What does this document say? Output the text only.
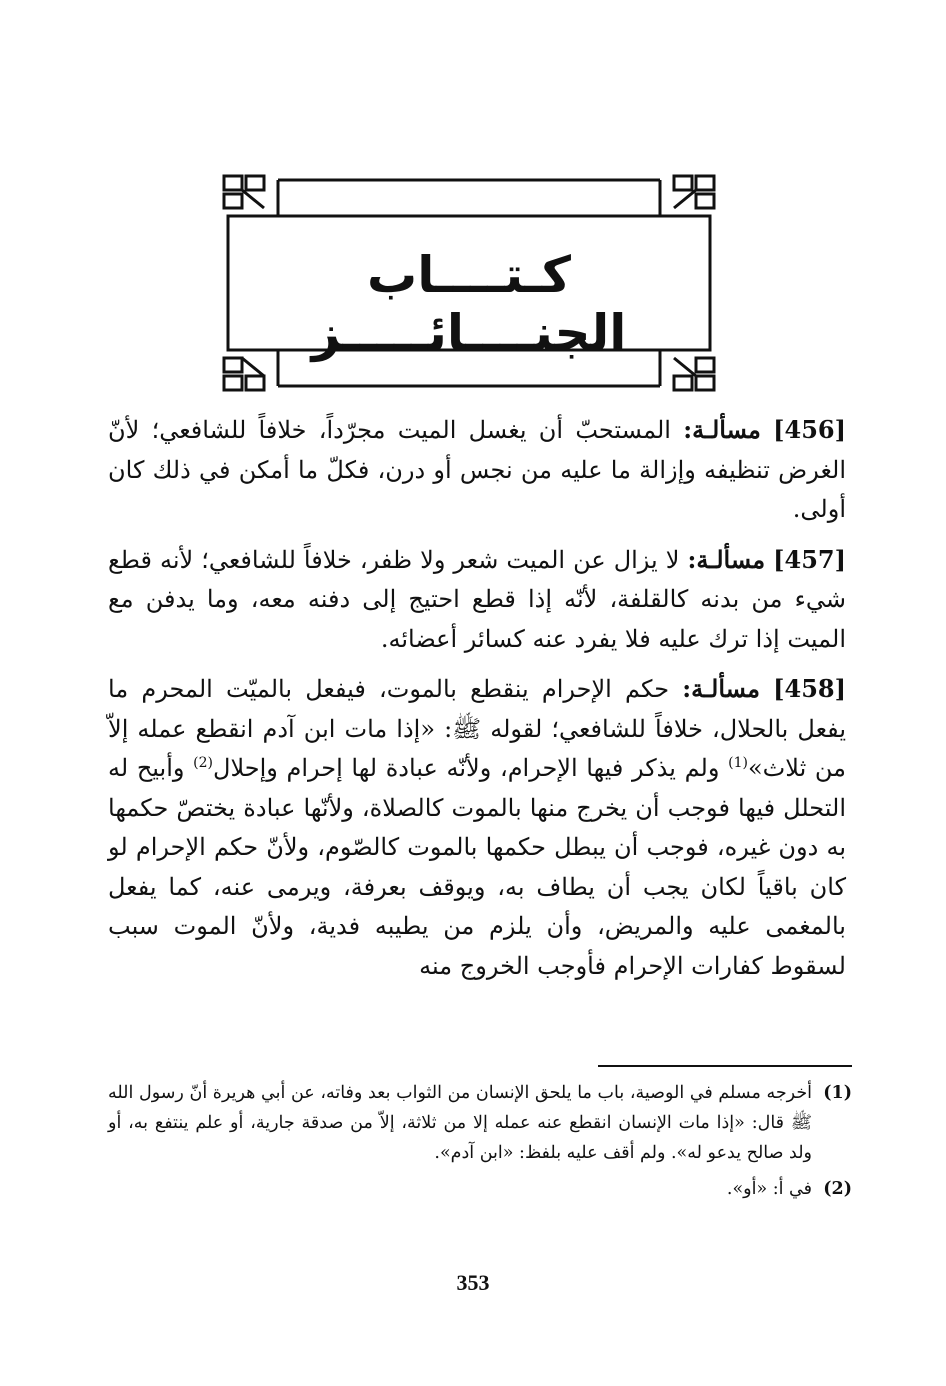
كـتــــاب الجنــــائـــــز

[456] مسألـة: المستحبّ أن يغسل الميت مجرّداً، خلافاً للشافعي؛ لأنّ الغرض تنظيفه وإزالة ما عليه من نجس أو درن، فكلّ ما أمكن في ذلك كان أولى.

[457] مسألـة: لا يزال عن الميت شعر ولا ظفر، خلافاً للشافعي؛ لأنه قطع شيء من بدنه كالقلفة، لأنّه إذا قطع احتيج إلى دفنه معه، وما يدفن مع الميت إذا ترك عليه فلا يفرد عنه كسائر أعضائه.

[458] مسألـة: حكم الإحرام ينقطع بالموت، فيفعل بالميّت المحرم ما يفعل بالحلال، خلافاً للشافعي؛ لقوله ﷺ: «إذا مات ابن آدم انقطع عمله إلاّ من ثلاث»$^{(1)}$ ولم يذكر فيها الإحرام، ولأنّه عبادة لها إحرام وإحلال$^{(2)}$ وأبيح له التحلل فيها فوجب أن يخرج منها بالموت كالصلاة، ولأنّها عبادة يختصّ حكمها به دون غيره، فوجب أن يبطل حكمها بالموت كالصّوم، ولأنّ حكم الإحرام لو كان باقياً لكان يجب أن يطاف به، ويوقف بعرفة، ويرمى عنه، كما يفعل بالمغمى عليه والمريض، وأن يلزم من يطيبه فدية، ولأنّ الموت سبب لسقوط كفارات الإحرام فأوجب الخروج منه

(1)
أخرجه مسلم في الوصية، باب ما يلحق الإنسان من الثواب بعد وفاته، عن أبي هريرة أنّ رسول الله ﷺ قال: «إذا مات الإنسان انقطع عنه عمله إلا من ثلاثة، إلاّ من صدقة جارية، أو علم ينتفع به، أو ولد صالح يدعو له». ولم أقف عليه بلفظ: «ابن آدم».
(2)
في أ: «أو».
353
